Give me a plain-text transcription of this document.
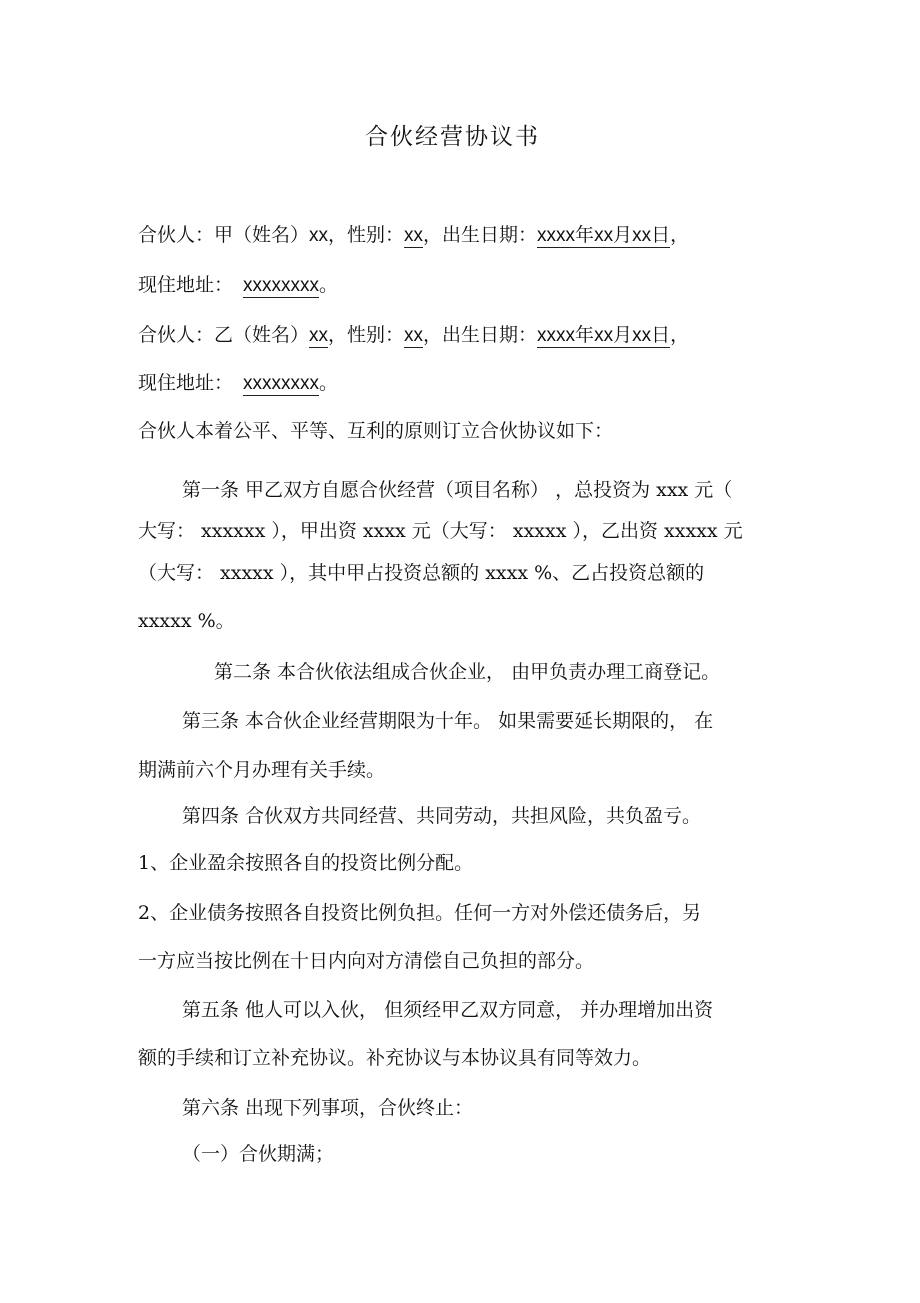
合伙经营协议书
合伙人：甲（姓名）xx，性别：xx，出生日期：xxxx年xx月xx日，
现住地址： xxxxxxxx。
合伙人：乙（姓名）xx，性别：xx，出生日期：xxxx年xx月xx日，
现住地址： xxxxxxxx。
合伙人本着公平、平等、互利的原则订立合伙协议如下：
第一条 甲乙双方自愿合伙经营（项目名称） ，总投资为 xxx 元（
大写： xxxxxx ），甲出资 xxxx 元（大写： xxxxx ），乙出资 xxxxx 元
（大写： xxxxx ），其中甲占投资总额的 xxxx %、乙占投资总额的
xxxxx %。
第二条 本合伙依法组成合伙企业， 由甲负责办理工商登记。
第三条 本合伙企业经营期限为十年。 如果需要延长期限的， 在
期满前六个月办理有关手续。
第四条 合伙双方共同经营、共同劳动，共担风险，共负盈亏。
1、企业盈余按照各自的投资比例分配。
2、企业债务按照各自投资比例负担。任何一方对外偿还债务后，另
一方应当按比例在十日内向对方清偿自己负担的部分。
第五条 他人可以入伙， 但须经甲乙双方同意， 并办理增加出资
额的手续和订立补充协议。补充协议与本协议具有同等效力。
第六条 出现下列事项，合伙终止：
（一）合伙期满；
